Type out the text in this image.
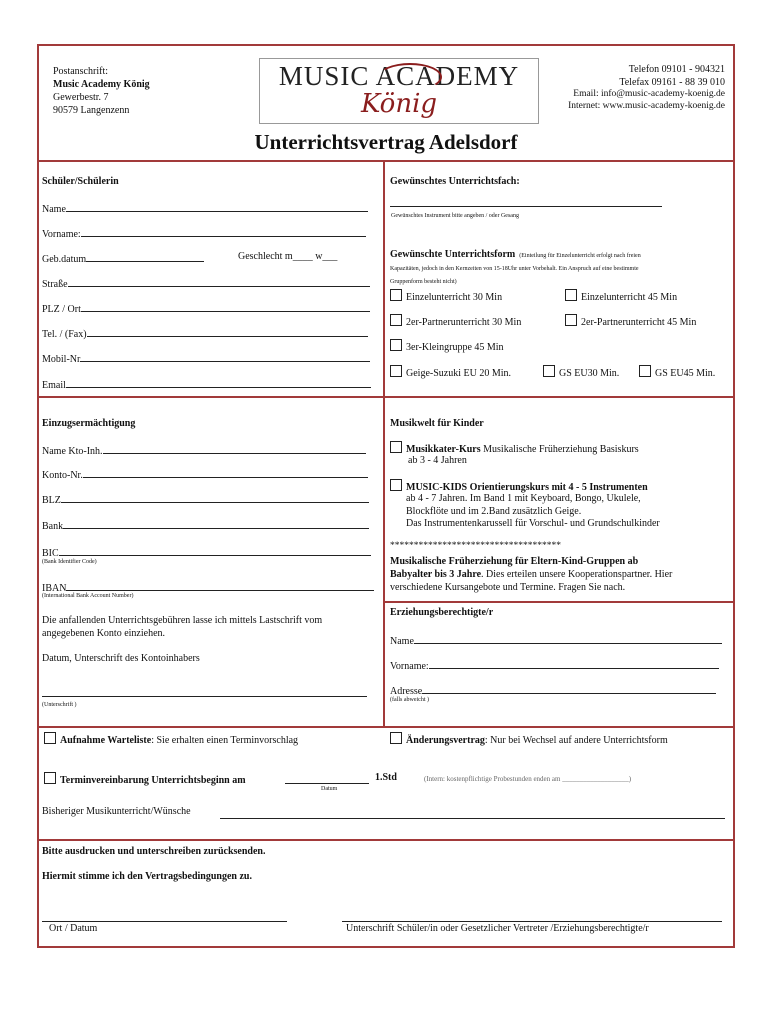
Postanschrift:
Music Academy König
Gewerbestr. 7
90579 Langenzenn
MUSIC ACADEMY
König
Telefon 09101 - 904321
Telefax 09161 - 88 39 010
Email: info@music-academy-koenig.de
Internet: www.music-academy-koenig.de
Unterrichtsvertrag Adelsdorf
Schüler/Schülerin
Name
Vorname:
Geb.datum	Geschlecht m____ w___
Straße
PLZ / Ort
Tel. / (Fax)
Mobil-Nr
Email
Gewünschtes Unterrichtsfach:
Gewünschtes Instrument bitte angeben / oder Gesang
Gewünschte Unterrichtsform (Einteilung für Einzelunterricht erfolgt nach freien
Kapazitäten, jedoch in den Kernzeiten von 15-18Uhr unter Vorbehalt. Ein Anspruch auf eine bestimmte
Gruppenform besteht nicht)
Einzelunterricht 30 Min	Einzelunterricht 45 Min
2er-Partnerunterricht 30 Min	2er-Partnerunterricht 45 Min
3er-Kleingruppe 45 Min
Geige-Suzuki EU 20 Min.	GS EU30 Min.	GS EU45 Min.
Einzugsermächtigung
Name Kto-Inh.
Konto-Nr.
BLZ
Bank
BIC
(Bank Identifier Code)
IBAN
(International Bank Account Number)
Die anfallenden Unterrichtsgebühren lasse ich mittels Lastschrift vom
angegebenen Konto einziehen.
Datum, Unterschrift des Kontoinhabers
(Unterschrift )
Musikwelt für Kinder
Musikkater-Kurs Musikalische Früherziehung Basiskurs
ab 3 - 4 Jahren
MUSIC-KIDS Orientierungskurs mit 4 - 5 Instrumenten
ab 4 - 7 Jahren. Im Band 1 mit Keyboard, Bongo, Ukulele,
Blockflöte und im 2.Band zusätzlich Geige.
Das Instrumentenkarussell für Vorschul- und Grundschulkinder
************************************
Musikalische Früherziehung für Eltern-Kind-Gruppen ab
Babyalter bis 3 Jahre. Dies erteilen unsere Kooperationspartner. Hier
verschiedene Kursangebote und Termine. Fragen Sie nach.
Erziehungsberechtigte/r
Name
Vorname:
Adresse
(falls abweicht )
Aufnahme Warteliste: Sie erhalten einen Terminvorschlag	Änderungsvertrag: Nur bei Wechsel auf andere Unterrichtsform
Terminvereinbarung Unterrichtsbeginn am	1.Std
Datum
(Intern: kostenpflichtige Probestunden enden am ___________________)
Bisheriger Musikunterricht/Wünsche
Bitte ausdrucken und unterschreiben zurücksenden.
Hiermit stimme ich den Vertragsbedingungen zu.
Ort / Datum	Unterschrift Schüler/in oder Gesetzlicher Vertreter /Erziehungsberechtigte/r
